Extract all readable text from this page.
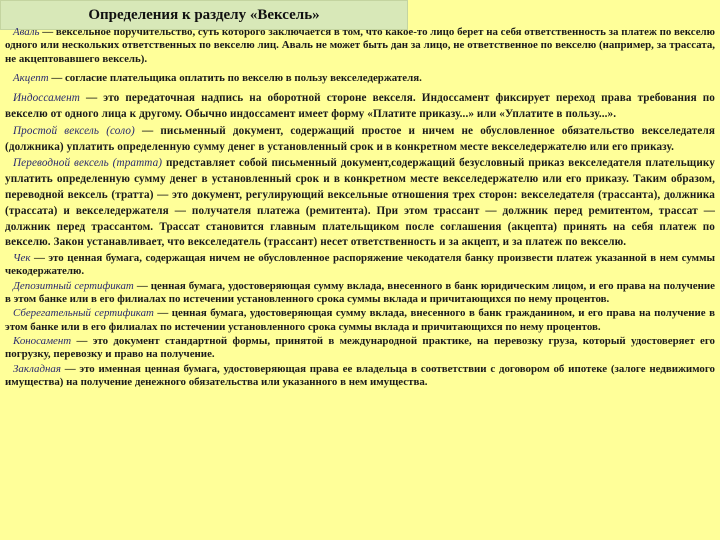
Определения к разделу «Вексель»

Аваль — вексельное поручительство, суть которого заключается в том, что какое-то лицо берет на себя ответственность за платеж по векселю одного или нескольких ответственных по векселю лиц. Аваль не может быть дан за лицо, не ответственное по векселю (например, за трассата, не акцептовавшего вексель).

Акцепт — согласие плательщика оплатить по векселю в пользу векселедержателя.

Индоссамент — это передаточная надпись на оборотной стороне векселя. Индоссамент фиксирует переход права требования по векселю от одного лица к другому. Обычно индоссамент имеет форму «Платите приказу...» или «Уплатите в пользу...».

Простой вексель (соло) — письменный документ, содержащий простое и ничем не обусловленное обязательство векселедателя (должника) уплатить определенную сумму денег в установленный срок и в конкретном месте векселедержателю или его приказу.

Переводной вексель (тратта) представляет собой письменный документ,содержащий безусловный приказ векселедателя плательщику уплатить определенную сумму денег в установленный срок и в конкретном месте векселедержателю или его приказу. Таким образом, переводной вексель (тратта) — это документ, регулирующий вексельные отношения трех сторон: векселедателя (трассанта), должника (трассата) и векселедержателя — получателя платежа (ремитента). При этом трассант — должник перед ремитентом, трассат — должник перед трассантом. Трассат становится главным плательщиком после соглашения (акцепта) принять на себя платеж по векселю. Закон устанавливает, что векселедатель (трассант) несет ответственность и за акцепт, и за платеж по векселю.

Чек — это ценная бумага, содержащая ничем не обусловленное распоряжение чекодателя банку произвести платеж указанной в нем суммы чекодержателю.

Депозитный сертификат — ценная бумага, удостоверяющая сумму вклада, внесенного в банк юридическим лицом, и его права на получение в этом банке или в его филиалах по истечении установленного срока суммы вклада и причитающихся по нему процентов.

Сберегательный сертификат — ценная бумага, удостоверяющая сумму вклада, внесенного в банк гражданином, и его права на получение в этом банке или в его филиалах по истечении установленного срока суммы вклада и причитающихся по нему процентов.

Коносамент — это документ стандартной формы, принятой в международной практике, на перевозку груза, который удостоверяет его погрузку, перевозку и право на получение.

Закладная — это именная ценная бумага, удостоверяющая права ее владельца в соответствии с договором об ипотеке (залоге недвижимого имущества) на получение денежного обязательства или указанного в нем имущества.
